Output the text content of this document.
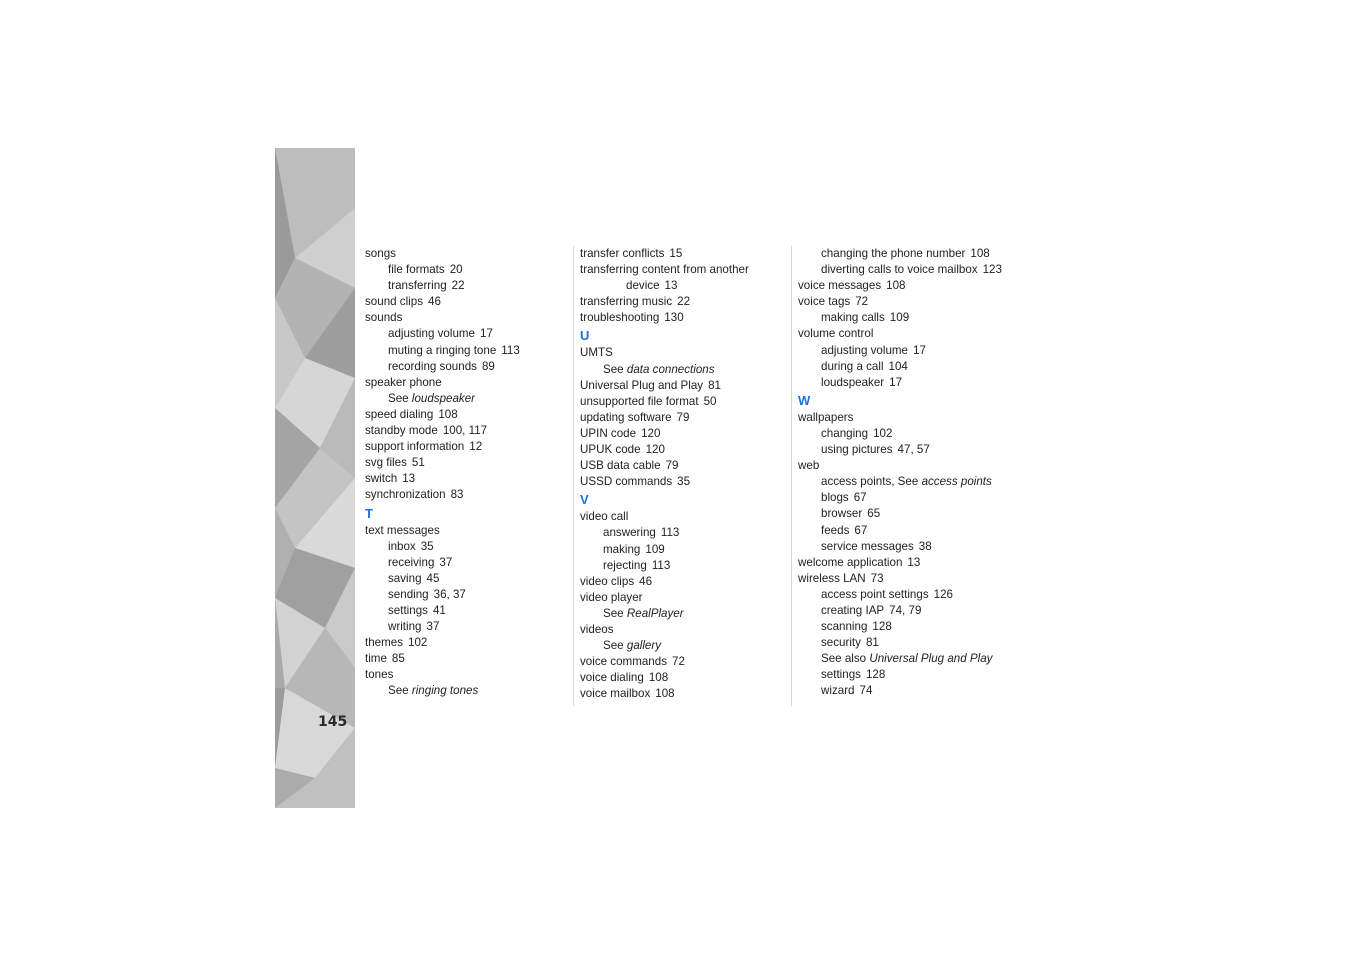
145
songs
file formats 20
transferring 22
sound clips 46
sounds
adjusting volume 17
muting a ringing tone 113
recording sounds 89
speaker phone
See loudspeaker
speed dialing 108
standby mode 100, 117
support information 12
svg files 51
switch 13
synchronization 83
T
text messages
inbox 35
receiving 37
saving 45
sending 36, 37
settings 41
writing 37
themes 102
time 85
tones
See ringing tones
transfer conflicts 15
transferring content from another
device 13
transferring music 22
troubleshooting 130
U
UMTS
See data connections
Universal Plug and Play 81
unsupported file format 50
updating software 79
UPIN code 120
UPUK code 120
USB data cable 79
USSD commands 35
V
video call
answering 113
making 109
rejecting 113
video clips 46
video player
See RealPlayer
videos
See gallery
voice commands 72
voice dialing 108
voice mailbox 108
changing the phone number 108
diverting calls to voice mailbox 123
voice messages 108
voice tags 72
making calls 109
volume control
adjusting volume 17
during a call 104
loudspeaker 17
W
wallpapers
changing 102
using pictures 47, 57
web
access points, See access points
blogs 67
browser 65
feeds 67
service messages 38
welcome application 13
wireless LAN 73
access point settings 126
creating IAP 74, 79
scanning 128
security 81
See also Universal Plug and Play
settings 128
wizard 74
